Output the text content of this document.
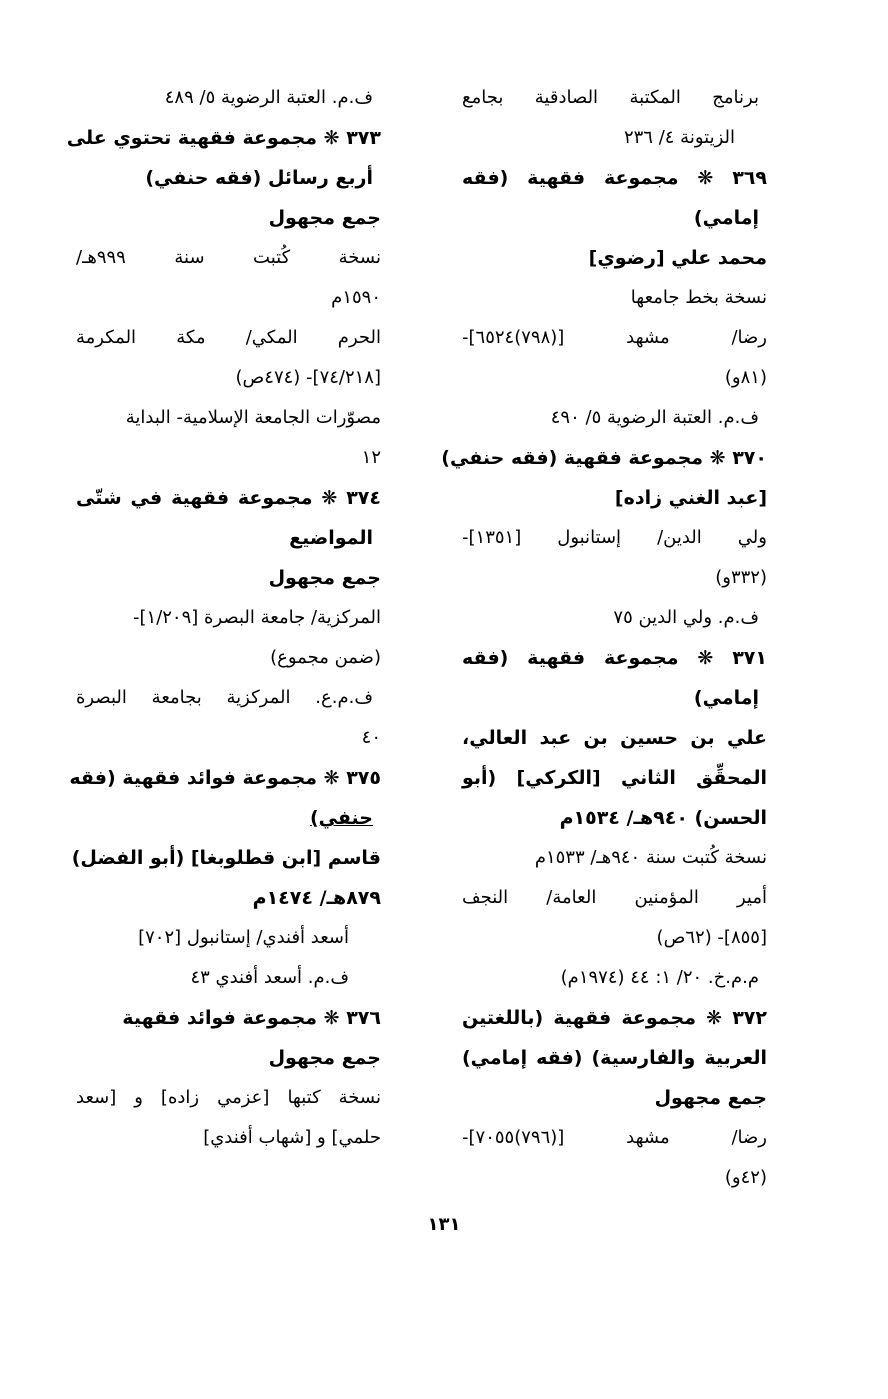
برنامج المكتبة الصادقية بجامع
الزيتونة ٤/ ٢٣٦
٣٦٩ ❋ مجموعة فقهية (فقه
إمامي)
محمد علي [رضوي]
نسخة بخط جامعها
رضا/ مشهد [(٧٩٨)٦٥٢٤]-
(٨١و)
ف.م. العتبة الرضوية ٥/ ٤٩٠
٣٧٠ ❋ مجموعة فقهية (فقه حنفي)
[عبد الغني زاده]
ولي الدين/ إستانبول [١٣٥١]-
(٣٣٢و)
ف.م. ولي الدين ٧٥
٣٧١ ❋ مجموعة فقهية (فقه
إمامي)
علي بن حسين بن عبد العالي،
المحقِّق الثاني [الكركي] (أبو
الحسن) ٩٤٠هـ/ ١٥٣٤م
نسخة كُتبت سنة ٩٤٠هـ/ ١٥٣٣م
أمير المؤمنين العامة/ النجف
[٨٥٥]- (٦٢ص)
م.م.خ. ٢٠/ ١: ٤٤ (١٩٧٤م)
٣٧٢ ❋ مجموعة فقهية (باللغتين
العربية والفارسية) (فقه إمامي)
جمع مجهول
رضا/ مشهد [(٧٩٦)٧٠٥٥]-
(٤٢و)
ف.م. العتبة الرضوية ٥/ ٤٨٩
٣٧٣ ❋ مجموعة فقهية تحتوي على
أربع رسائل (فقه حنفي)
جمع مجهول
نسخة كُتبت سنة ٩٩٩هـ/
١٥٩٠م
الحرم المكي/ مكة المكرمة
[٧٤/٢١٨]- (٤٧٤ص)
مصوّرات الجامعة الإسلامية- البداية
١٢
٣٧٤ ❋ مجموعة فقهية في شتّى
المواضيع
جمع مجهول
المركزية/ جامعة البصرة [١/٢٠٩]-
(ضمن مجموع)
ف.م.ع. المركزية بجامعة البصرة
٤٠
٣٧٥ ❋ مجموعة فوائد فقهية (فقه
حنفي)
قاسم [ابن قطلوبغا] (أبو الفضل)
٨٧٩هـ/ ١٤٧٤م
أسعد أفندي/ إستانبول [٧٠٢]
ف.م. أسعد أفندي ٤٣
٣٧٦ ❋ مجموعة فوائد فقهية
جمع مجهول
نسخة كتبها [عزمي زاده] و [سعد
حلمي] و [شهاب أفندي]
١٣١
